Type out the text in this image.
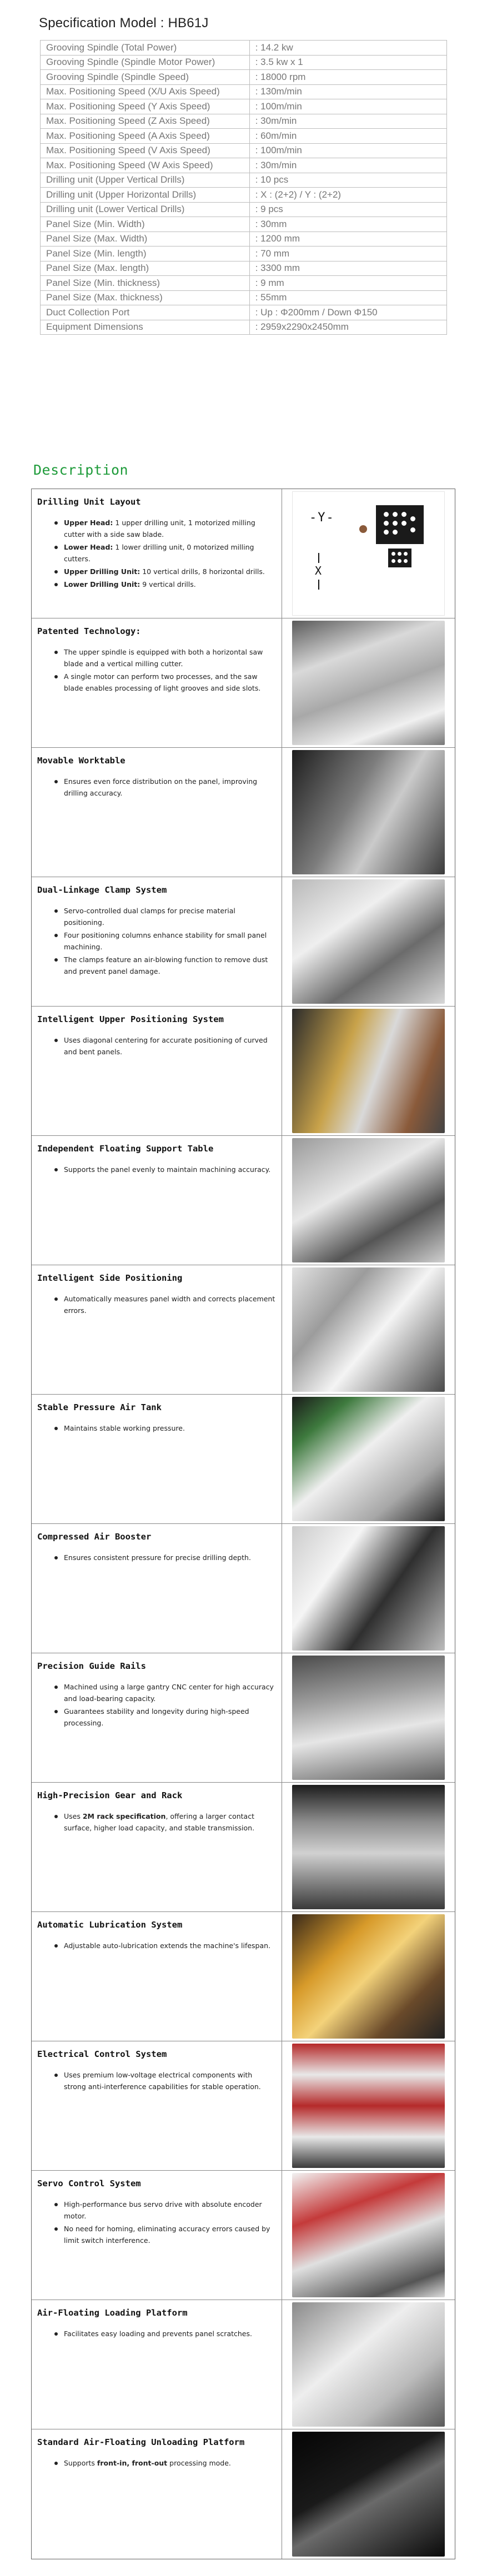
Specification Model : HB61J
Grooving Spindle (Total Power)	: 14.2 kw
Grooving Spindle (Spindle Motor Power)	: 3.5 kw x 1
Grooving Spindle (Spindle Speed)	: 18000 rpm
Max. Positioning Speed (X/U Axis Speed)	: 130m/min
Max. Positioning Speed (Y Axis Speed)	: 100m/min
Max. Positioning Speed (Z Axis Speed)	: 30m/min
Max. Positioning Speed (A Axis Speed)	: 60m/min
Max. Positioning Speed (V Axis Speed)	: 100m/min
Max. Positioning Speed (W Axis Speed)	: 30m/min
Drilling unit (Upper Vertical Drills)	: 10 pcs
Drilling unit (Upper Horizontal Drills)	: X : (2+2) / Y : (2+2)
Drilling unit (Lower Vertical Drills)	: 9 pcs
Panel Size (Min. Width)	: 30mm
Panel Size (Max. Width)	: 1200 mm
Panel Size (Min. length)	: 70 mm
Panel Size (Max. length)	: 3300 mm
Panel Size (Min. thickness)	: 9 mm
Panel Size (Max. thickness)	: 55mm
Duct Collection Port	: Up : Φ200mm / Down Φ150
Equipment Dimensions	: 2959x2290x2450mm
Description
Drilling Unit Layout
Upper Head: 1 upper drilling unit, 1 motorized milling cutter with a side saw blade.
Lower Head: 1 lower drilling unit, 0 motorized milling cutters.
Upper Drilling Unit: 10 vertical drills, 8 horizontal drills.
Lower Drilling Unit: 9 vertical drills.
-Y-
X
Patented Technology:
The upper spindle is equipped with both a horizontal saw blade and a vertical milling cutter.
A single motor can perform two processes, and the saw blade enables processing of light grooves and side slots.
Movable Worktable
Ensures even force distribution on the panel, improving drilling accuracy.
Dual-Linkage Clamp System
Servo-controlled dual clamps for precise material positioning.
Four positioning columns enhance stability for small panel machining.
The clamps feature an air-blowing function to remove dust and prevent panel damage.
Intelligent Upper Positioning System
Uses diagonal centering for accurate positioning of curved and bent panels.
Independent Floating Support Table
Supports the panel evenly to maintain machining accuracy.
Intelligent Side Positioning
Automatically measures panel width and corrects placement errors.
Stable Pressure Air Tank
Maintains stable working pressure.
Compressed Air Booster
Ensures consistent pressure for precise drilling depth.
Precision Guide Rails
Machined using a large gantry CNC center for high accuracy and load-bearing capacity.
Guarantees stability and longevity during high-speed processing.
High-Precision Gear and Rack
Uses 2M rack specification, offering a larger contact surface, higher load capacity, and stable transmission.
Automatic Lubrication System
Adjustable auto-lubrication extends the machine's lifespan.
Electrical Control System
Uses premium low-voltage electrical components with strong anti-interference capabilities for stable operation.
Servo Control System
High-performance bus servo drive with absolute encoder motor.
No need for homing, eliminating accuracy errors caused by limit switch interference.
Air-Floating Loading Platform
Facilitates easy loading and prevents panel scratches.
Standard Air-Floating Unloading Platform
Supports front-in, front-out processing mode.
